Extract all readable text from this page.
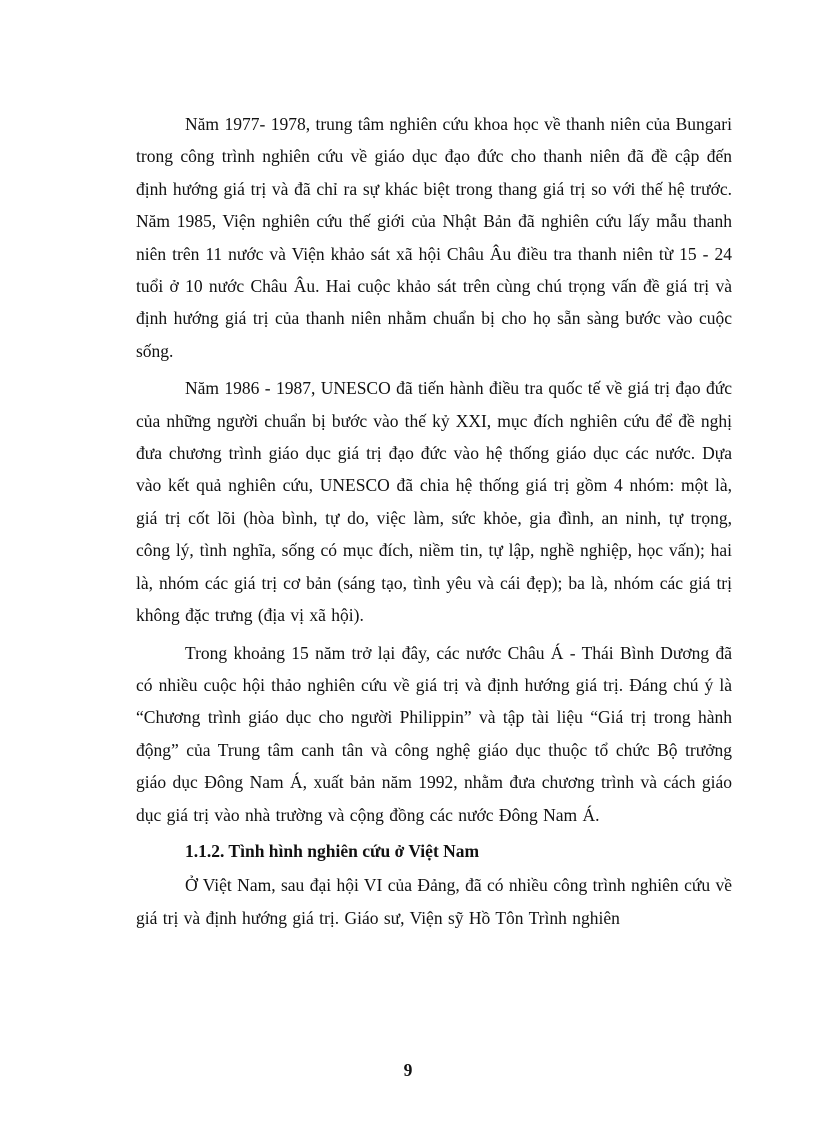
Năm 1977- 1978, trung tâm nghiên cứu khoa học về thanh niên của Bungari trong công trình nghiên cứu về giáo dục đạo đức cho thanh niên đã đề cập đến định hướng giá trị và đã chỉ ra sự khác biệt trong thang giá trị so với thế hệ trước. Năm 1985, Viện nghiên cứu thế giới của Nhật Bản đã nghiên cứu lấy mẫu thanh niên trên 11 nước và Viện khảo sát xã hội Châu Âu điều tra thanh niên từ 15 - 24 tuổi ở 10 nước Châu Âu. Hai cuộc khảo sát trên cùng chú trọng vấn đề giá trị và định hướng giá trị của thanh niên nhằm chuẩn bị cho họ sẵn sàng bước vào cuộc sống.

Năm 1986 - 1987, UNESCO đã tiến hành điều tra quốc tế về giá trị đạo đức của những người chuẩn bị bước vào thế kỷ XXI, mục đích nghiên cứu để đề nghị đưa chương trình giáo dục giá trị đạo đức vào hệ thống giáo dục các nước. Dựa vào kết quả nghiên cứu, UNESCO đã chia hệ thống giá trị gồm 4 nhóm: một là, giá trị cốt lõi (hòa bình, tự do, việc làm, sức khỏe, gia đình, an ninh, tự trọng, công lý, tình nghĩa, sống có mục đích, niềm tin, tự lập, nghề nghiệp, học vấn); hai là, nhóm các giá trị cơ bản (sáng tạo, tình yêu và cái đẹp); ba là, nhóm các giá trị không đặc trưng (địa vị xã hội).

Trong khoảng 15 năm trở lại đây, các nước Châu Á - Thái Bình Dương đã có nhiều cuộc hội thảo nghiên cứu về giá trị và định hướng giá trị. Đáng chú ý là “Chương trình giáo dục cho người Philippin” và tập tài liệu “Giá trị trong hành động” của Trung tâm canh tân và công nghệ giáo dục thuộc tổ chức Bộ trưởng giáo dục Đông Nam Á, xuất bản năm 1992, nhằm đưa chương trình và cách giáo dục giá trị vào nhà trường và cộng đồng các nước Đông Nam Á.

1.1.2. Tình hình nghiên cứu ở Việt Nam

Ở Việt Nam, sau đại hội VI của Đảng, đã có nhiều công trình nghiên cứu về giá trị và định hướng giá trị. Giáo sư, Viện sỹ Hồ Tôn Trình nghiên

9
